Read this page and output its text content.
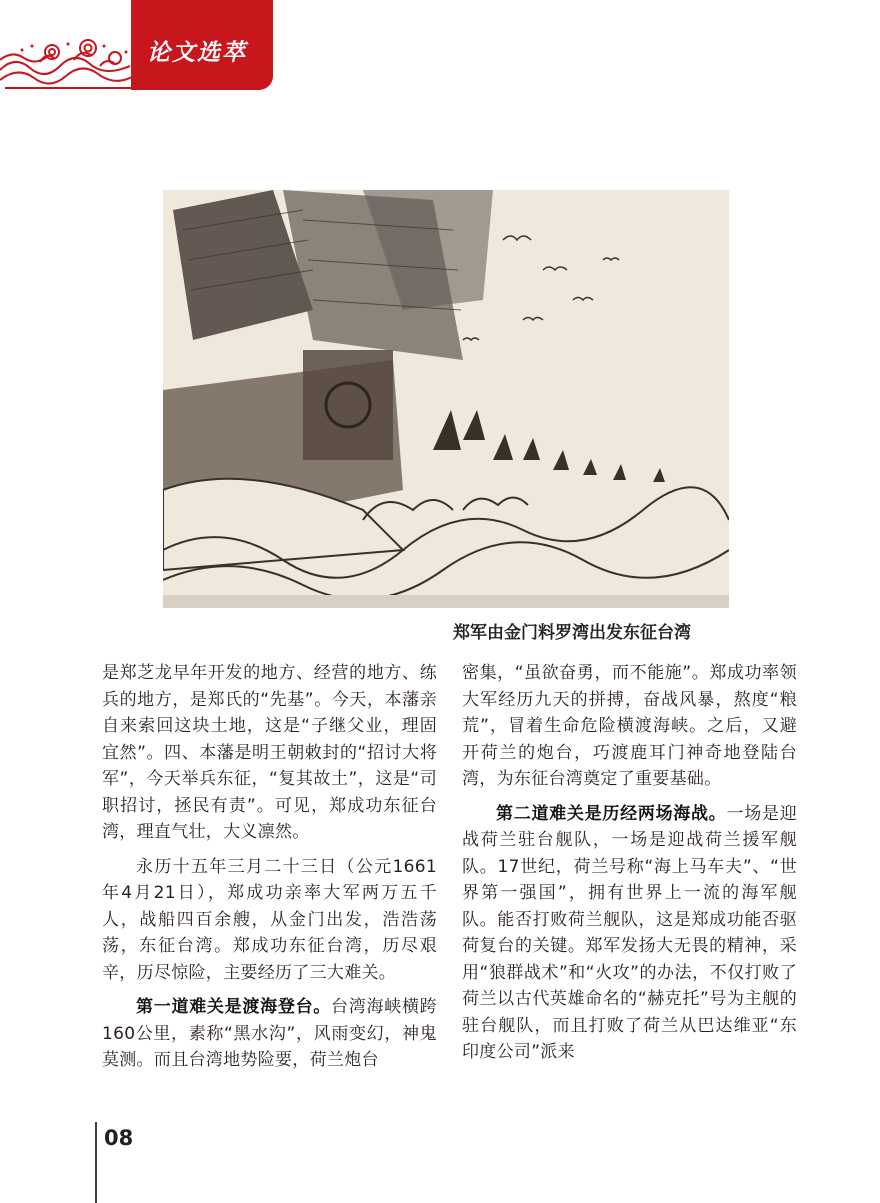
论文选萃
郑军由金门料罗湾出发东征台湾

是郑芝龙早年开发的地方、经营的地方、练兵的地方，是郑氏的“先基”。今天，本藩亲自来索回这块土地，这是“子继父业，理固宜然”。四、本藩是明王朝敕封的“招讨大将军”，今天举兵东征，“复其故土”，这是“司职招讨，拯民有责”。可见，郑成功东征台湾，理直气壮，大义凛然。

永历十五年三月二十三日（公元1661年4月21日），郑成功亲率大军两万五千人，战船四百余艘，从金门出发，浩浩荡荡，东征台湾。郑成功东征台湾，历尽艰辛，历尽惊险，主要经历了三大难关。

第一道难关是渡海登台。台湾海峡横跨160公里，素称“黑水沟”，风雨变幻，神鬼莫测。而且台湾地势险要，荷兰炮台

密集，“虽欲奋勇，而不能施”。郑成功率领大军经历九天的拼搏，奋战风暴，熬度“粮荒”，冒着生命危险横渡海峡。之后，又避开荷兰的炮台，巧渡鹿耳门神奇地登陆台湾，为东征台湾奠定了重要基础。

第二道难关是历经两场海战。一场是迎战荷兰驻台舰队，一场是迎战荷兰援军舰队。17世纪，荷兰号称“海上马车夫”、“世界第一强国”，拥有世界上一流的海军舰队。能否打败荷兰舰队，这是郑成功能否驱荷复台的关键。郑军发扬大无畏的精神，采用“狼群战术”和“火攻”的办法，不仅打败了荷兰以古代英雄命名的“赫克托”号为主舰的驻台舰队，而且打败了荷兰从巴达维亚“东印度公司”派来

08
